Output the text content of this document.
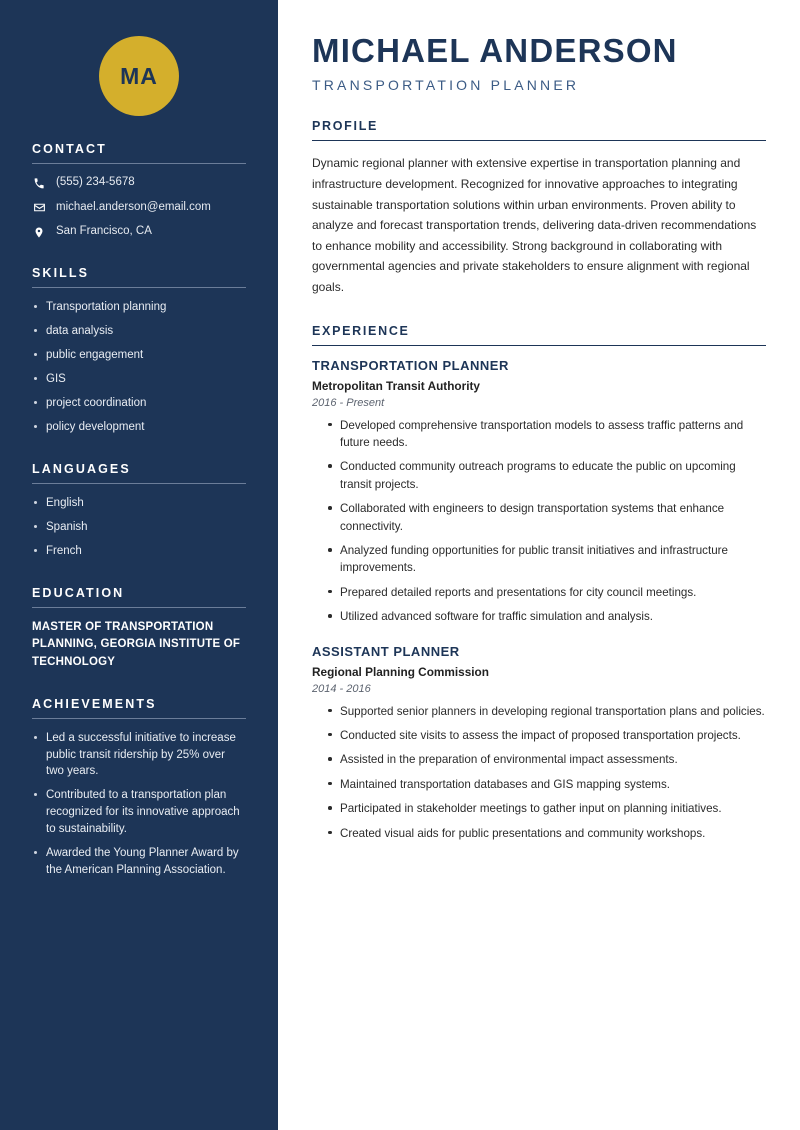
MA
CONTACT
(555) 234-5678
michael.anderson@email.com
San Francisco, CA
SKILLS
Transportation planning
data analysis
public engagement
GIS
project coordination
policy development
LANGUAGES
English
Spanish
French
EDUCATION
MASTER OF TRANSPORTATION PLANNING, GEORGIA INSTITUTE OF TECHNOLOGY
ACHIEVEMENTS
Led a successful initiative to increase public transit ridership by 25% over two years.
Contributed to a transportation plan recognized for its innovative approach to sustainability.
Awarded the Young Planner Award by the American Planning Association.
MICHAEL ANDERSON
TRANSPORTATION PLANNER
PROFILE

Dynamic regional planner with extensive expertise in transportation planning and infrastructure development. Recognized for innovative approaches to integrating sustainable transportation solutions within urban environments. Proven ability to analyze and forecast transportation trends, delivering data-driven recommendations to enhance mobility and accessibility. Strong background in collaborating with governmental agencies and private stakeholders to ensure alignment with regional goals.

EXPERIENCE
TRANSPORTATION PLANNER
Metropolitan Transit Authority
2016 - Present
Developed comprehensive transportation models to assess traffic patterns and future needs.
Conducted community outreach programs to educate the public on upcoming transit projects.
Collaborated with engineers to design transportation systems that enhance connectivity.
Analyzed funding opportunities for public transit initiatives and infrastructure improvements.
Prepared detailed reports and presentations for city council meetings.
Utilized advanced software for traffic simulation and analysis.
ASSISTANT PLANNER
Regional Planning Commission
2014 - 2016
Supported senior planners in developing regional transportation plans and policies.
Conducted site visits to assess the impact of proposed transportation projects.
Assisted in the preparation of environmental impact assessments.
Maintained transportation databases and GIS mapping systems.
Participated in stakeholder meetings to gather input on planning initiatives.
Created visual aids for public presentations and community workshops.
